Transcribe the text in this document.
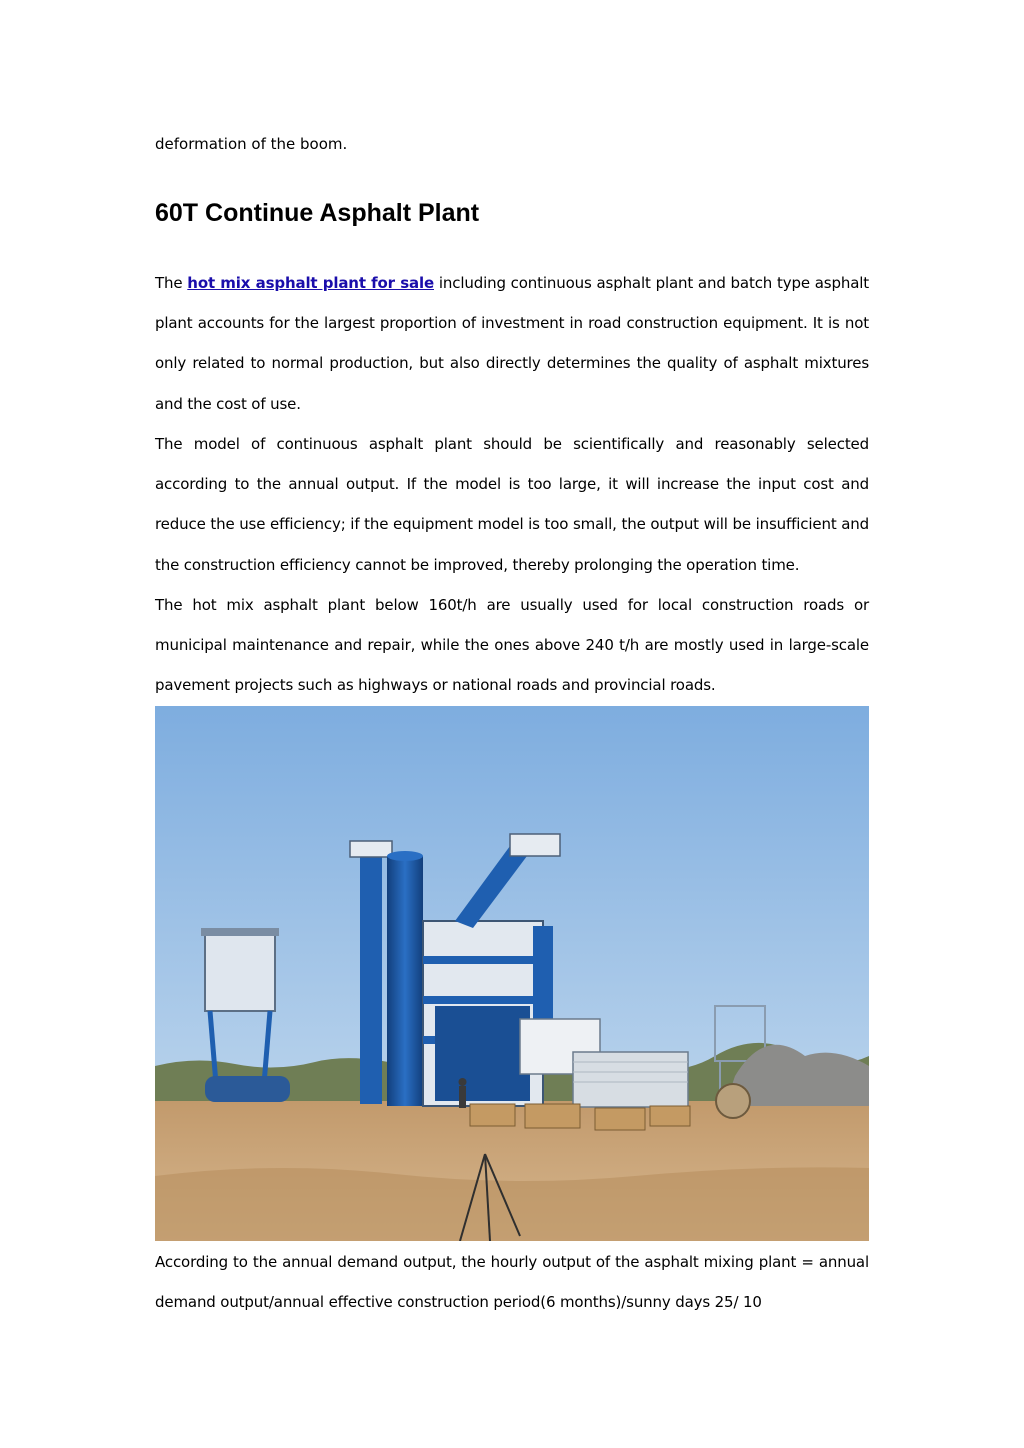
deformation of the boom.
60T Continue Asphalt Plant

The hot mix asphalt plant for sale including continuous asphalt plant and batch type asphalt plant accounts for the largest proportion of investment in road construction equipment. It is not only related to normal production, but also directly determines the quality of asphalt mixtures and the cost of use.

The model of continuous asphalt plant should be scientifically and reasonably selected according to the annual output. If the model is too large, it will increase the input cost and reduce the use efficiency; if the equipment model is too small, the output will be insufficient and the construction efficiency cannot be improved, thereby prolonging the operation time.

The hot mix asphalt plant below 160t/h are usually used for local construction roads or municipal maintenance and repair, while the ones above 240 t/h are mostly used in large-scale pavement projects such as highways or national roads and provincial roads.

According to the annual demand output, the hourly output of the asphalt mixing plant = annual demand output/annual effective construction period(6 months)/sunny days 25/ 10
